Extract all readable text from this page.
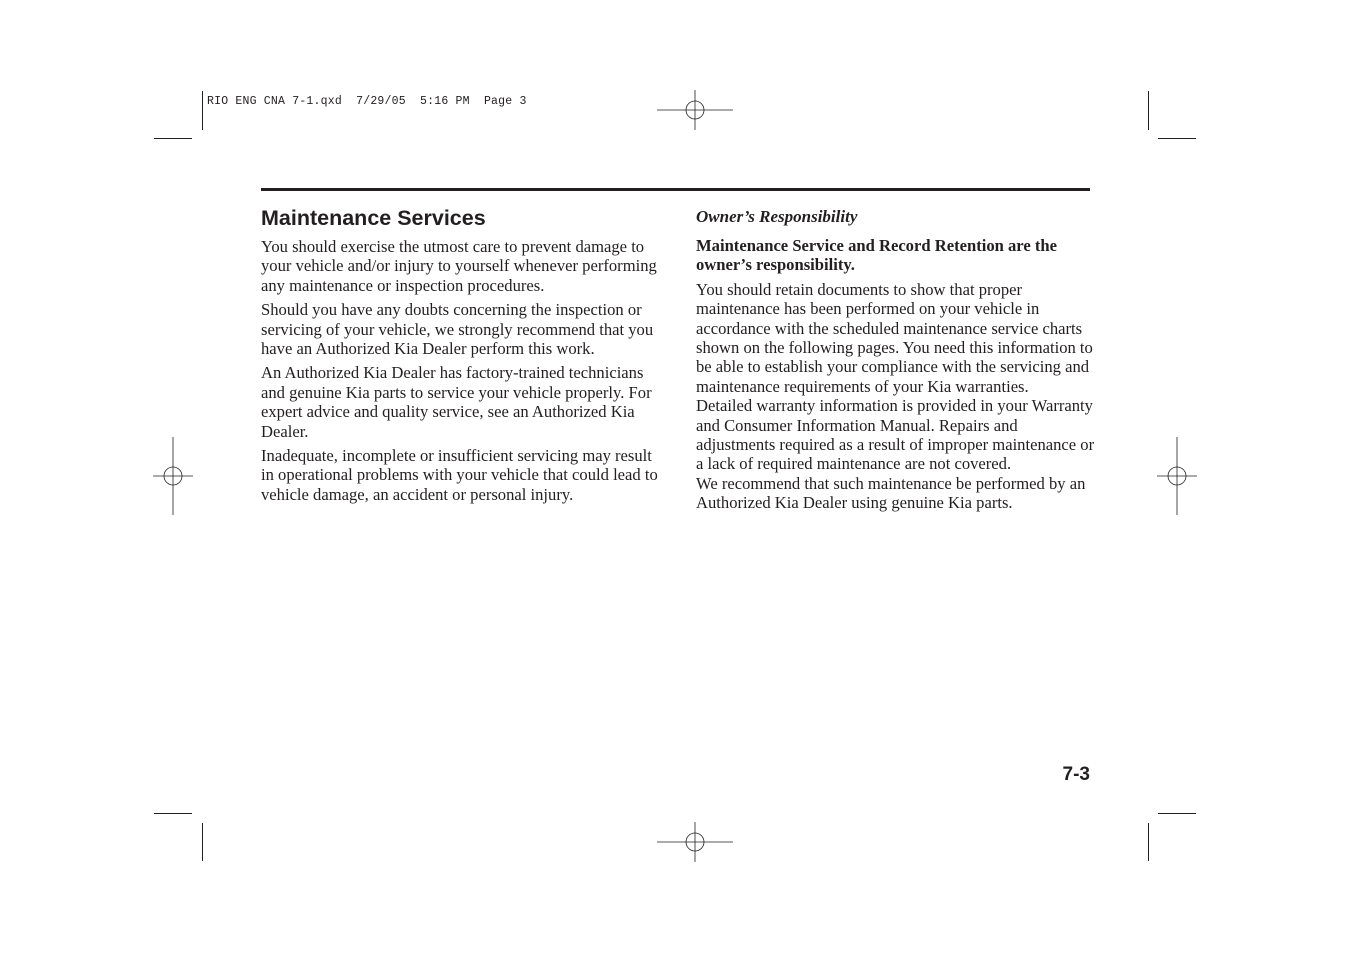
RIO ENG CNA 7-1.qxd  7/29/05  5:16 PM  Page 3
Maintenance Services

You should exercise the utmost care to prevent damage to your vehicle and/or injury to yourself whenever performing any maintenance or inspection procedures.

Should you have any doubts concerning the inspection or servicing of your vehicle, we strongly recommend that you have an Authorized Kia Dealer perform this work.

An Authorized Kia Dealer has factory-trained technicians and genuine Kia parts to service your vehicle properly. For expert advice and quality service, see an Authorized Kia Dealer.

Inadequate, incomplete or insufficient servicing may result in operational problems with your vehicle that could lead to vehicle damage, an accident or personal injury.

Owner’s Responsibility

Maintenance Service and Record Retention are the owner’s responsibility.

You should retain documents to show that proper maintenance has been performed on your vehicle in accordance with the scheduled maintenance service charts shown on the following pages. You need this information to be able to establish your compliance with the servicing and maintenance requirements of your Kia warranties.

Detailed warranty information is provided in your Warranty and Consumer Information Manual. Repairs and adjustments required as a result of improper maintenance or a lack of required maintenance are not covered.

We recommend that such maintenance be performed by an Authorized Kia Dealer using genuine Kia parts.

7-3
